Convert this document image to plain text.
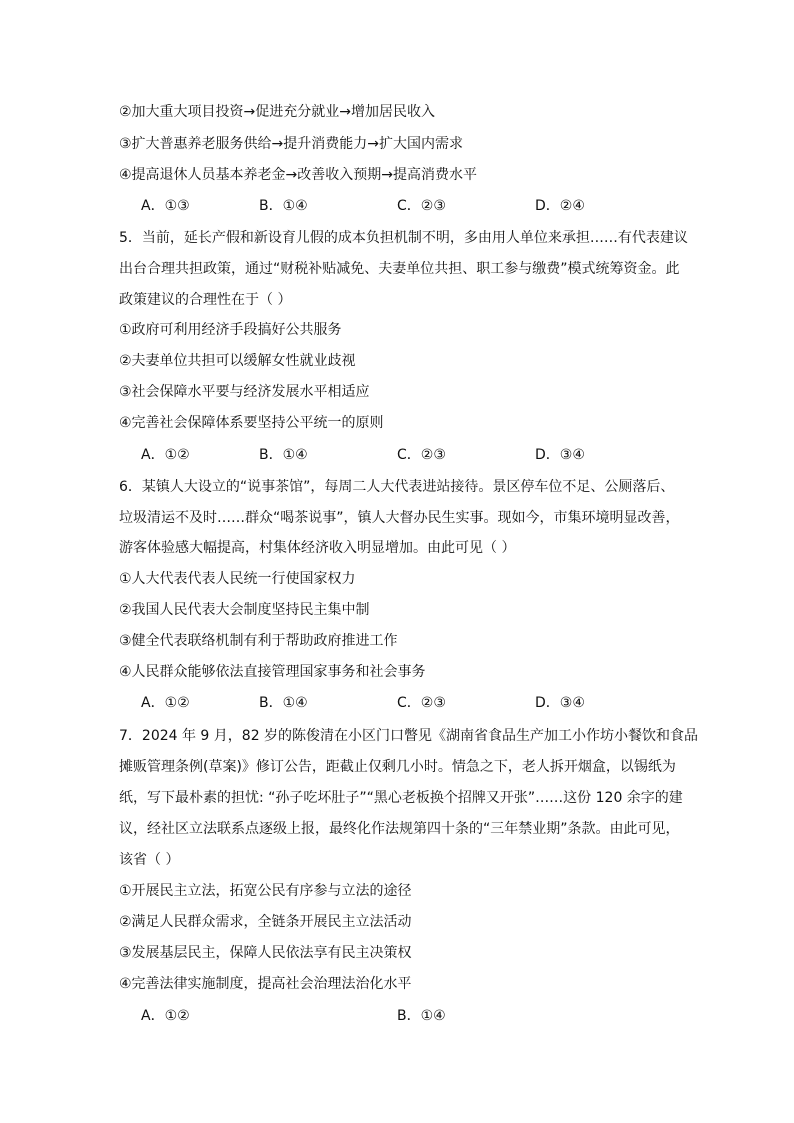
②加大重大项目投资→促进充分就业→增加居民收入
③扩大普惠养老服务供给→提升消费能力→扩大国内需求
④提高退休人员基本养老金→改善收入预期→提高消费水平
A．①③	B．①④	C．②③	D．②④
5．当前，延长产假和新设育儿假的成本负担机制不明，多由用人单位来承担……有代表建议
出台合理共担政策，通过“财税补贴减免、夫妻单位共担、职工参与缴费”模式统筹资金。此
政策建议的合理性在于（ ）
①政府可利用经济手段搞好公共服务
②夫妻单位共担可以缓解女性就业歧视
③社会保障水平要与经济发展水平相适应
④完善社会保障体系要坚持公平统一的原则
A．①②	B．①④	C．②③	D．③④
6．某镇人大设立的“说事茶馆”，每周二人大代表进站接待。景区停车位不足、公厕落后、
垃圾清运不及时……群众“喝茶说事”，镇人大督办民生实事。现如今，市集环境明显改善，
游客体验感大幅提高，村集体经济收入明显增加。由此可见（ ）
①人大代表代表人民统一行使国家权力
②我国人民代表大会制度坚持民主集中制
③健全代表联络机制有利于帮助政府推进工作
④人民群众能够依法直接管理国家事务和社会事务
A．①②	B．①④	C．②③	D．③④
7．2024 年 9 月，82 岁的陈俊清在小区门口瞥见《湖南省食品生产加工小作坊小餐饮和食品
摊贩管理条例(草案)》修订公告，距截止仅剩几小时。情急之下，老人拆开烟盒，以锡纸为
纸，写下最朴素的担忧: “孙子吃坏肚子”“黑心老板换个招牌又开张”……这份 120 余字的建
议，经社区立法联系点逐级上报，最终化作法规第四十条的“三年禁业期”条款。由此可见，
该省（ ）
①开展民主立法，拓宽公民有序参与立法的途径
②满足人民群众需求，全链条开展民主立法活动
③发展基层民主，保障人民依法享有民主决策权
④完善法律实施制度，提高社会治理法治化水平
A．①②	B．①④
